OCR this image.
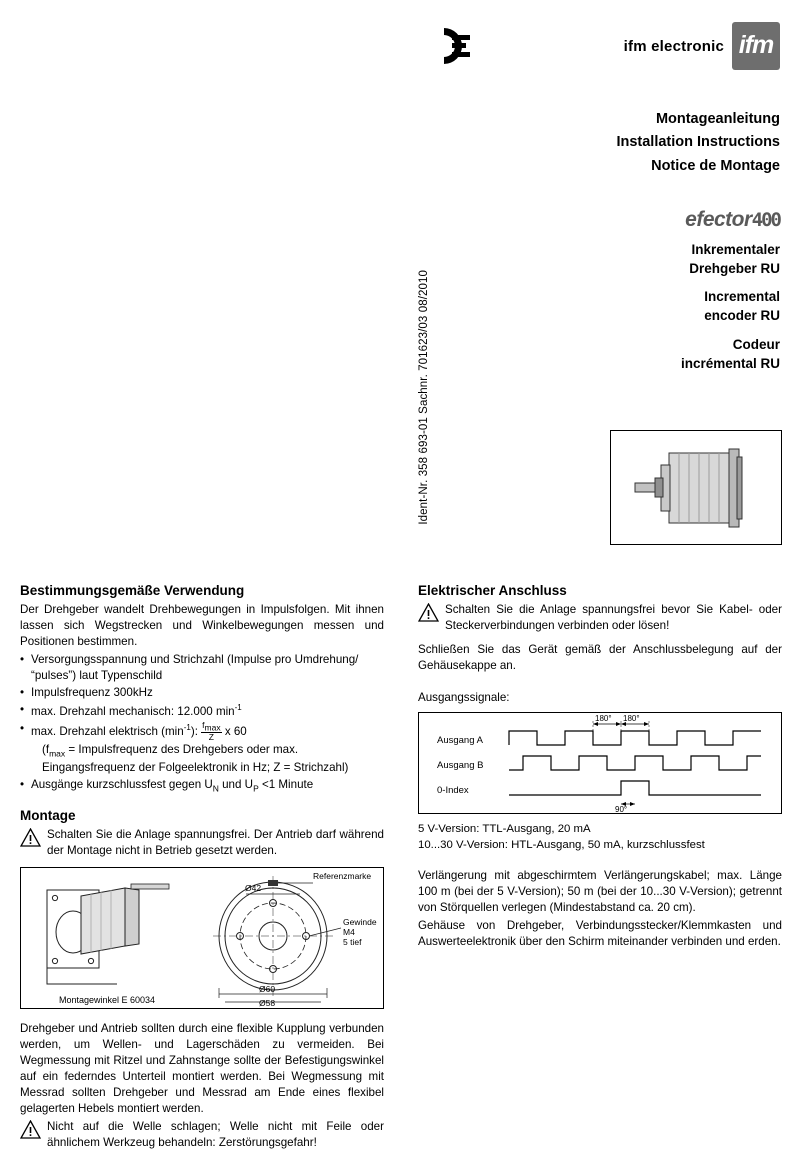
ifm electronic ifm
Montageanleitung
Installation Instructions
Notice de Montage
efector400
Inkrementaler
Drehgeber RU
Incremental
encoder RU
Codeur
incrémental RU
Ident-Nr. 358 693-01 Sachnr. 701623/03 08/2010
Bestimmungsgemäße Verwendung

Der Drehgeber wandelt Drehbewegungen in Impulsfolgen. Mit ihnen lassen sich Wegstrecken und Winkelbewegungen messen und Positionen bestimmen.

• Versorgungsspannung und Strichzahl (Impulse pro Umdrehung/ “pulses”) laut Typenschild
• Impulsfrequenz 300kHz
• max. Drehzahl mechanisch: 12.000 $\min^{-1}$
• max. Drehzahl elektrisch $(\min^{-1})$: $\frac{fmax}{Z}$ x 60
($f_{max}$ = Impulsfrequenz des Drehgebers oder max. Eingangsfrequenz der Folgeelektronik in Hz; Z = Strichzahl)
• Ausgänge kurzschlussfest gegen $U_N$ und $U_P <1$ Minute
Montage
Schalten Sie die Anlage spannungsfrei. Der Antrieb darf während der Montage nicht in Betrieb gesetzt werden.
Ø42
Referenzmarke
Gewinde
M4
5 tief
Ø60
Ø58
Montagewinkel E 60034

Drehgeber und Antrieb sollten durch eine flexible Kupplung verbunden werden, um Wellen- und Lagerschäden zu vermeiden. Bei Wegmessung mit Ritzel und Zahnstange sollte der Befestigungswinkel auf ein federndes Unterteil montiert werden. Bei Wegmessung mit Messrad sollten Drehgeber und Messrad am Ende eines flexibel gelagerten Hebels montiert werden.

Nicht auf die Welle schlagen; Welle nicht mit Feile oder ähnlichem Werkzeug behandeln: Zerstörungsgefahr!
Elektrischer Anschluss
Schalten Sie die Anlage spannungsfrei bevor Sie Kabel- oder Steckerverbindungen verbinden oder lösen!

Schließen Sie das Gerät gemäß der Anschlussbelegung auf der Gehäusekappe an.

Ausgangssignale:

Ausgang A
Ausgang B
0-Index
180° 180°
90°
5 V-Version: TTL-Ausgang, 20 mA
10...30 V-Version: HTL-Ausgang, 50 mA, kurzschlussfest

Verlängerung mit abgeschirmtem Verlängerungskabel; max. Länge 100 m (bei der 5 V-Version); 50 m (bei der 10...30 V-Version); getrennt von Störquellen verlegen (Mindestabstand ca. 20 cm).

Gehäuse von Drehgeber, Verbindungsstecker/Klemmkasten und Auswerteelektronik über den Schirm miteinander verbinden und erden.
